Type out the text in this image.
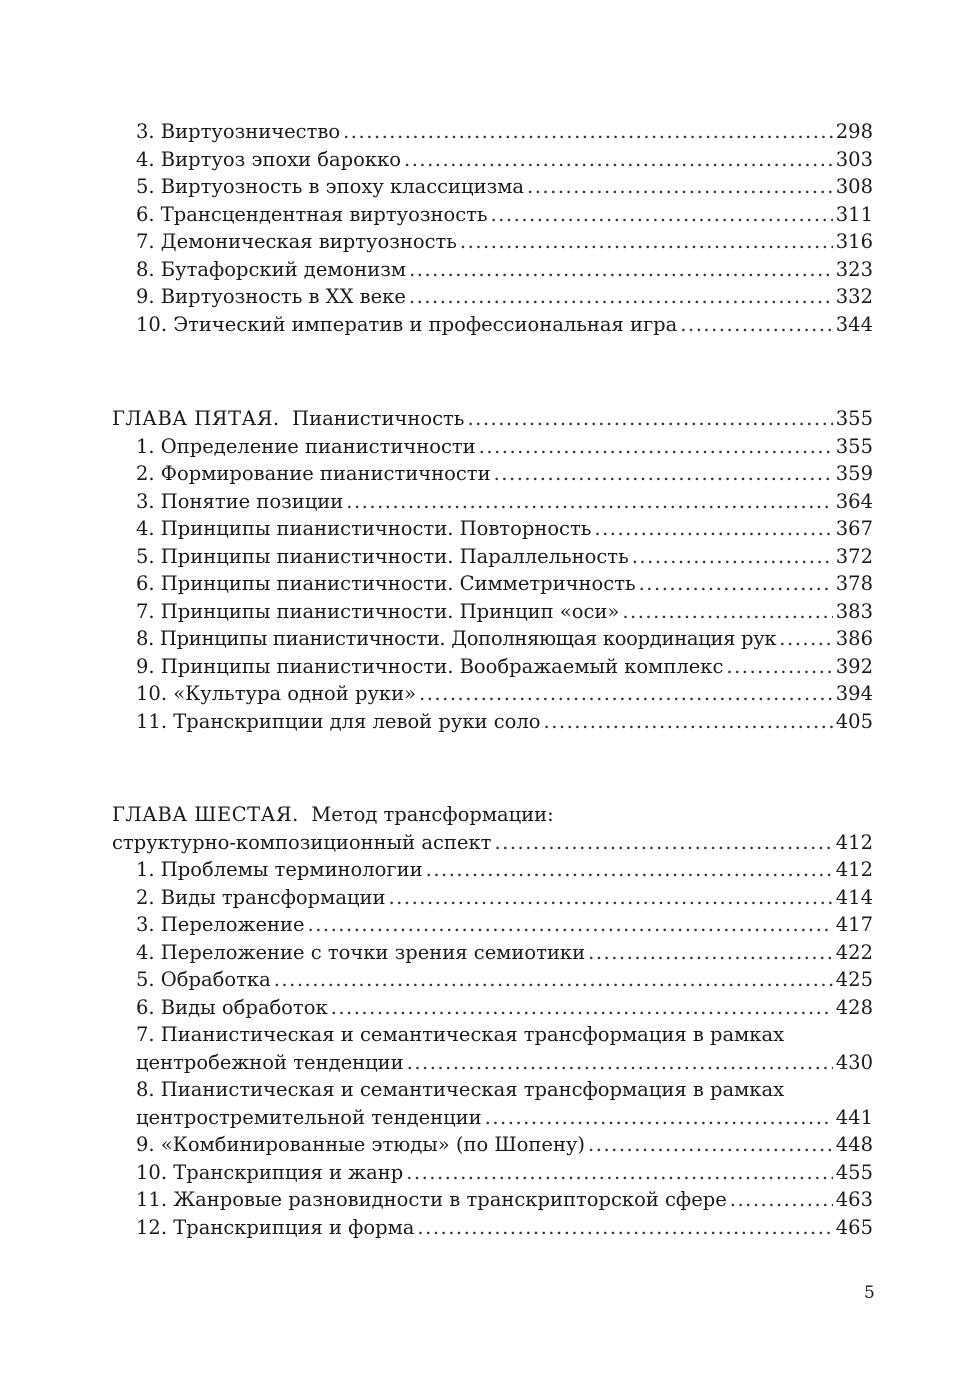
3. Виртуозничество .....	298
4. Виртуоз эпохи барокко .....	303
5. Виртуозность в эпоху классицизма .....	308
6. Трансцендентная виртуозность .....	311
7. Демоническая виртуозность .....	316
8. Бутафорский демонизм .....	323
9. Виртуозность в XX веке .....	332
10. Этический императив и профессиональная игра .....	344
ГЛАВА ПЯТАЯ. Пианистичность .....	355
1. Определение пианистичности .....	355
2. Формирование пианистичности .....	359
3. Понятие позиции .....	364
4. Принципы пианистичности. Повторность .....	367
5. Принципы пианистичности. Параллельность .....	372
6. Принципы пианистичности. Симметричность .....	378
7. Принципы пианистичности. Принцип «оси» .....	383
8. Принципы пианистичности. Дополняющая координация рук .....	386
9. Принципы пианистичности. Воображаемый комплекс .....	392
10. «Культура одной руки» .....	394
11. Транскрипции для левой руки соло .....	405
ГЛАВА ШЕСТАЯ. Метод трансформации:
структурно-композиционный аспект .....	412
1. Проблемы терминологии .....	412
2. Виды трансформации .....	414
3. Переложение .....	417
4. Переложение с точки зрения семиотики .....	422
5. Обработка .....	425
6. Виды обработок .....	428
7. Пианистическая и семантическая трансформация в рамках
центробежной тенденции .....	430
8. Пианистическая и семантическая трансформация в рамках
центростремительной тенденции .....	441
9. «Комбинированные этюды» (по Шопену) .....	448
10. Транскрипция и жанр .....	455
11. Жанровые разновидности в транскрипторской сфере .....	463
12. Транскрипция и форма .....	465
5
